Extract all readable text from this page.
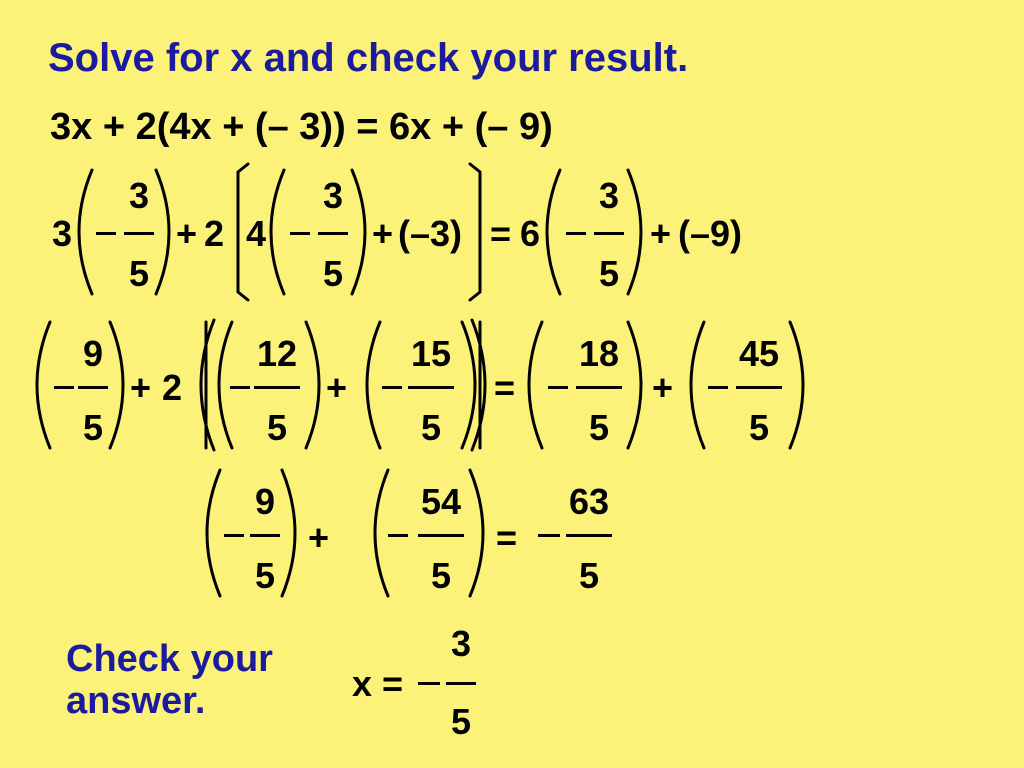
Solve for x and check your result.
3x + 2(4x + (– 3)) = 6x + (– 9)
3
3
5
+ 2 4
3
5
+ (–3) = 6
3
5
+ (–9)
9
5
+ 2
12
5
+
15
5
=
18
5
+
45
5
9
5
+
54
5
=
63
5
Check your answer.	x =
3
5
